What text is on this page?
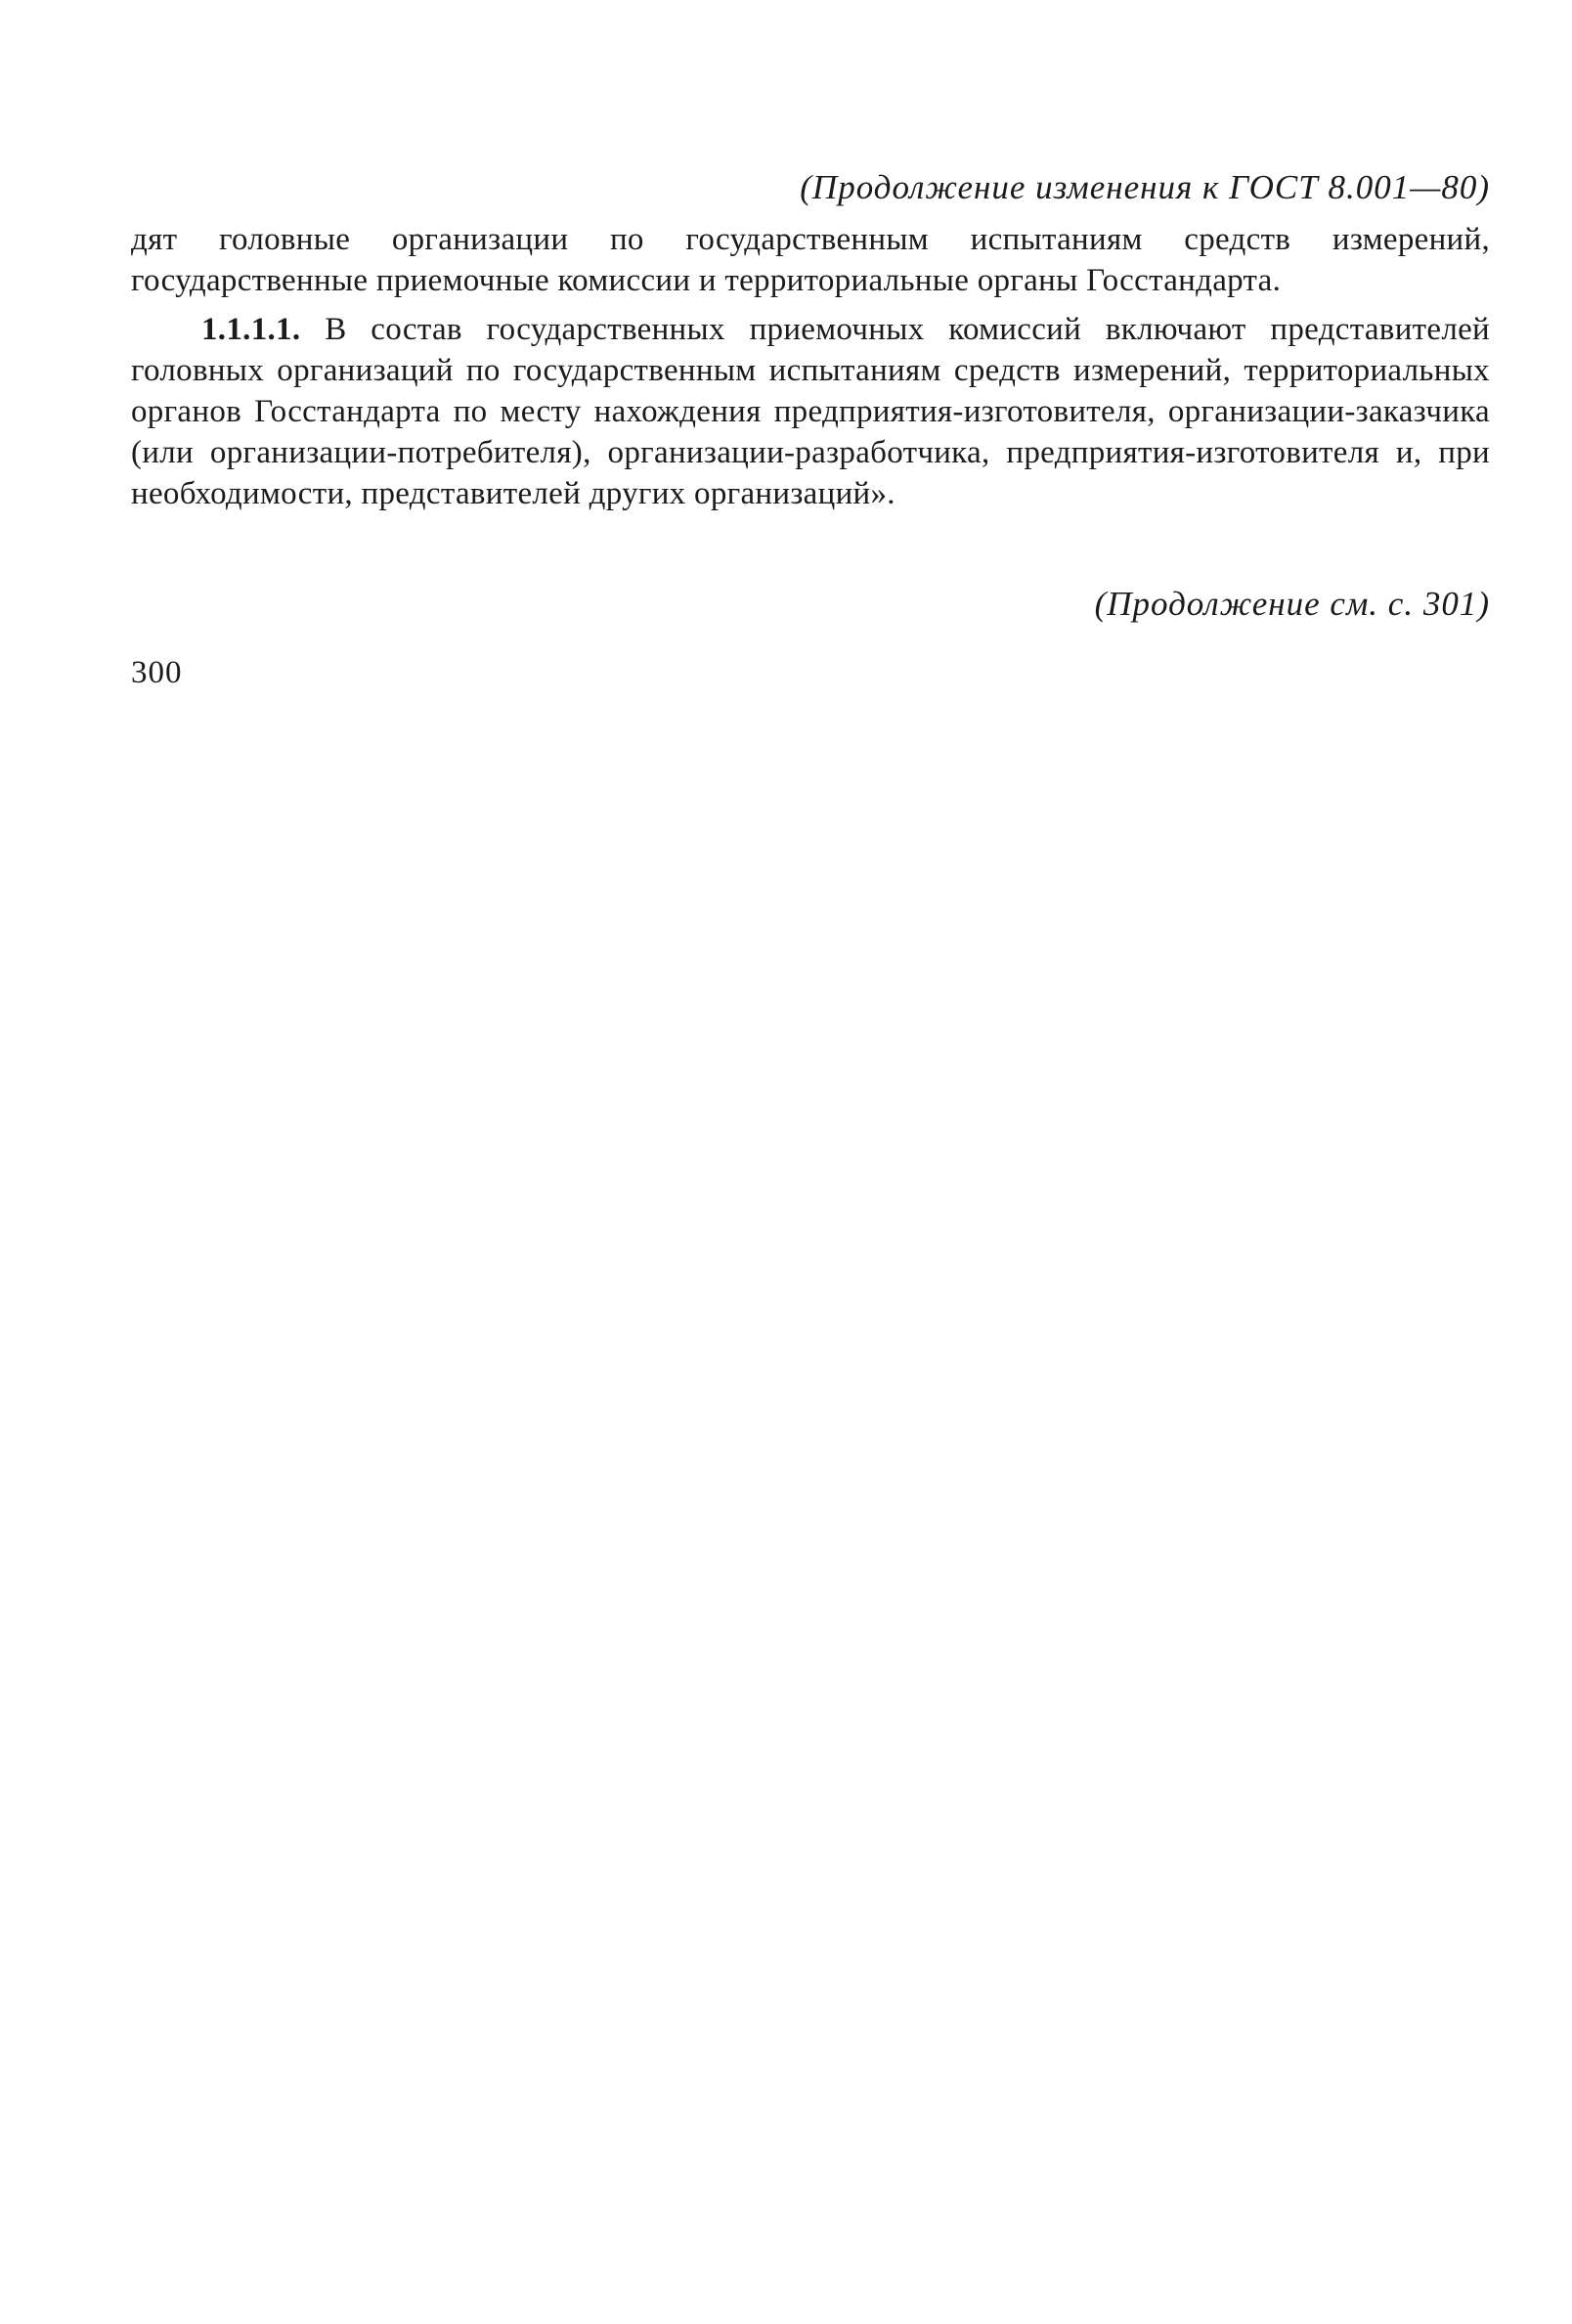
(Продолжение изменения к ГОСТ 8.001—80)

дят головные организации по государственным испытаниям средств измерений, государственные приемочные комиссии и территориальные органы Госстандарта.

1.1.1.1. В состав государственных приемочных комиссий включают представителей головных организаций по государственным испытаниям средств измерений, территориальных органов Госстандарта по месту нахождения предприятия-изготовителя, организации-заказчика (или организации-потребителя), организации-разработчика, предприятия-изготовителя и, при необходимости, представителей других организаций».

(Продолжение см. с. 301)
300
